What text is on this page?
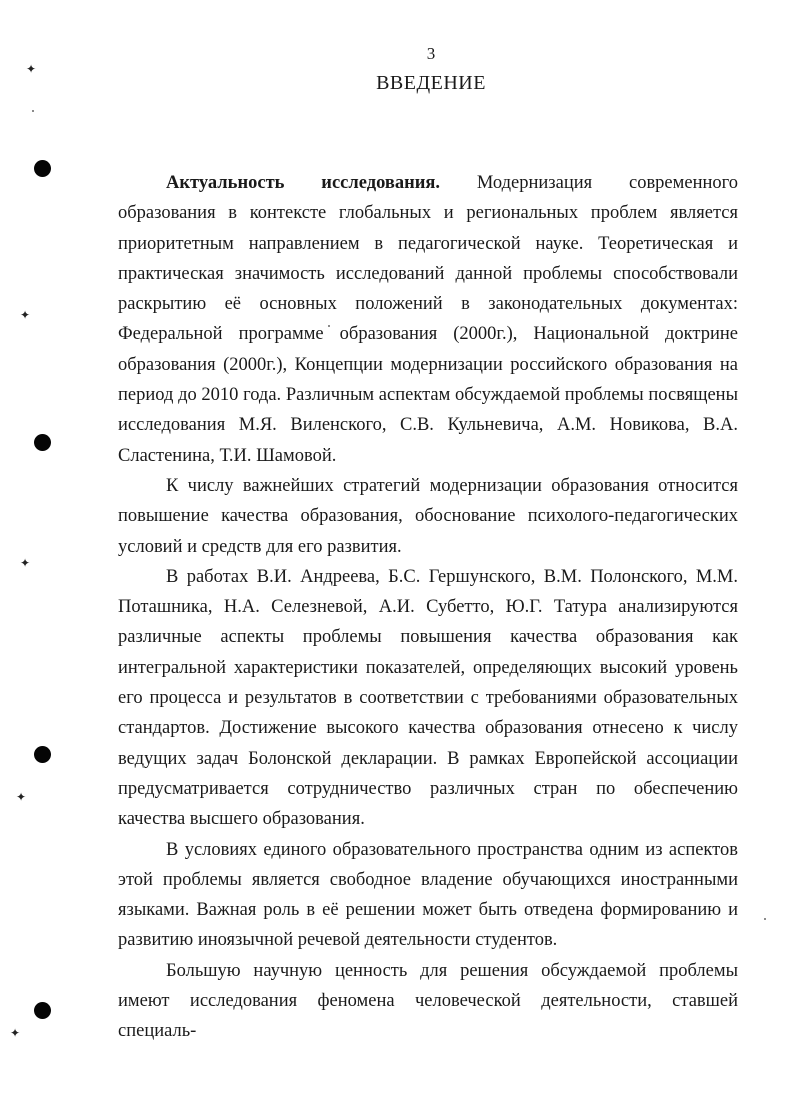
✦
✦
✦
✦
✦
3
ВВЕДЕНИЕ

Актуальность исследования. Модернизация современного образования в контексте глобальных и региональных проблем является приоритетным направлением в педагогической науке. Теоретическая и практическая значимость исследований данной проблемы способствовали раскрытию её основных положений в законодательных документах: Федеральной программе образования (2000г.), Национальной доктрине образования (2000г.), Концепции модернизации российского образования на период до 2010 года. Различным аспектам обсуждаемой проблемы посвящены исследования М.Я. Виленского, С.В. Кульневича, А.М. Новикова, В.А. Сластенина, Т.И. Шамовой.

К числу важнейших стратегий модернизации образования относится повышение качества образования, обоснование психолого-педагогических условий и средств для его развития.

В работах В.И. Андреева, Б.С. Гершунского, В.М. Полонского, М.М. Поташника, Н.А. Селезневой, А.И. Субетто, Ю.Г. Татура анализируются различные аспекты проблемы повышения качества образования как интегральной характеристики показателей, определяющих высокий уровень его процесса и результатов в соответствии с требованиями образовательных стандартов. Достижение высокого качества образования отнесено к числу ведущих задач Болонской декларации. В рамках Европейской ассоциации предусматривается сотрудничество различных стран по обеспечению качества высшего образования.

В условиях единого образовательного пространства одним из аспектов этой проблемы является свободное владение обучающихся иностранными языками. Важная роль в её решении может быть отведена формированию и развитию иноязычной речевой деятельности студентов.

Большую научную ценность для решения обсуждаемой проблемы имеют исследования феномена человеческой деятельности, ставшей специаль-
